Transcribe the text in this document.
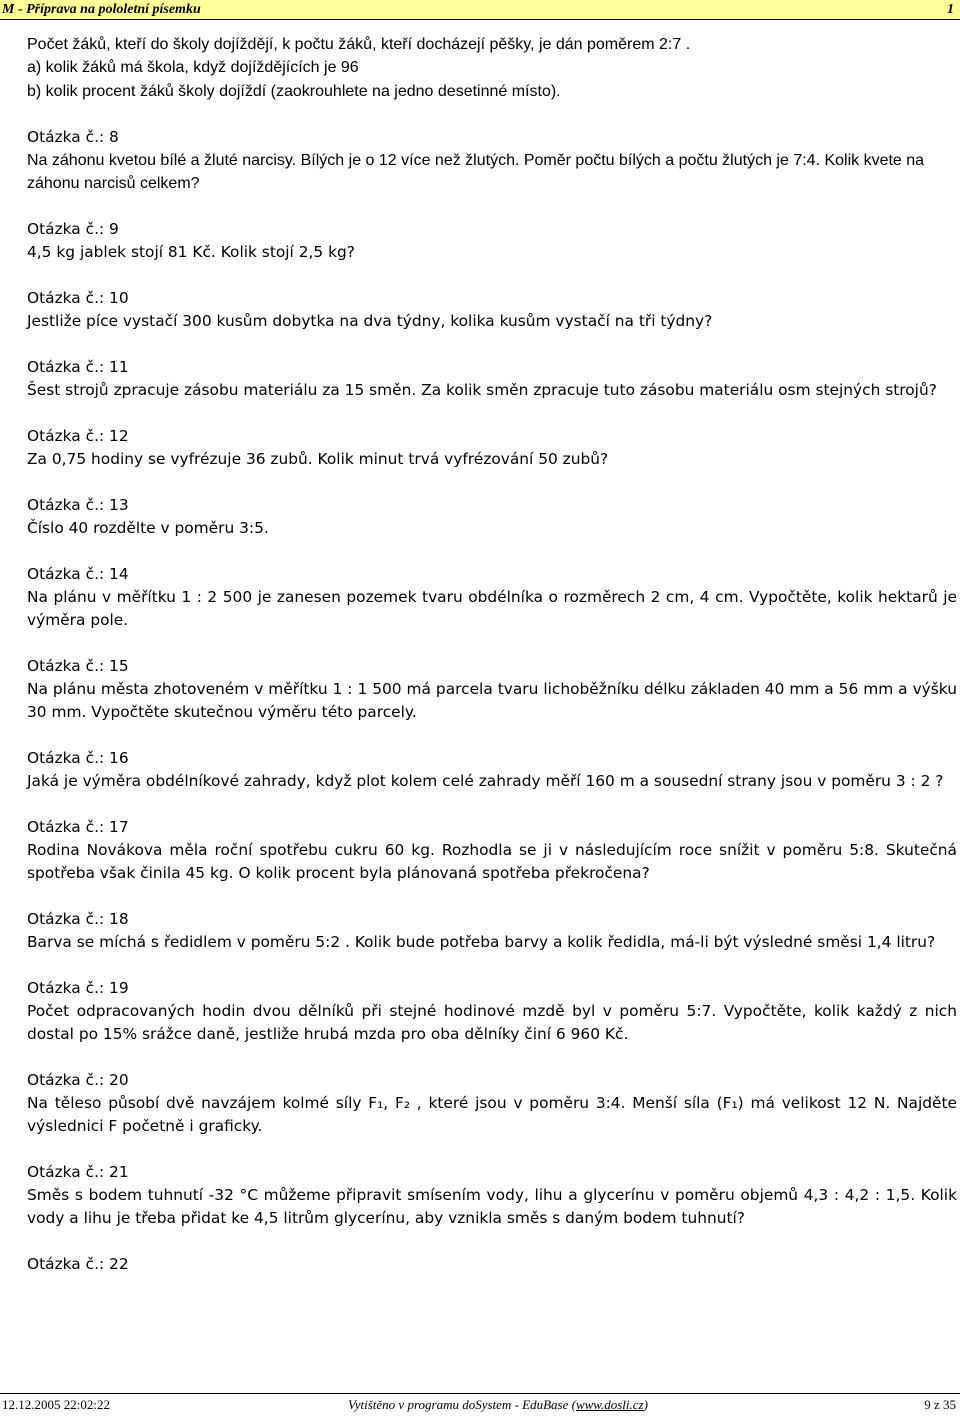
M - Příprava na pololetní písemku	1
Počet žáků, kteří do školy dojíždějí, k počtu žáků, kteří docházejí pěšky, je dán poměrem 2:7 .
a) kolik žáků má škola, když dojíždějících je 96
b) kolik procent žáků školy dojíždí (zaokrouhlete na jedno desetinné místo).
Otázka č.: 8
Na záhonu kvetou bílé a žluté narcisy. Bílých je o 12 více než žlutých. Poměr počtu bílých a počtu žlutých je 7:4. Kolik kvete na záhonu narcisů celkem?
Otázka č.: 9
4,5 kg jablek stojí 81 Kč. Kolik stojí 2,5 kg?
Otázka č.: 10
Jestliže píce vystačí 300 kusům dobytka na dva týdny, kolika kusům vystačí na tři týdny?
Otázka č.: 11
Šest strojů zpracuje zásobu materiálu za 15 směn. Za kolik směn zpracuje tuto zásobu materiálu osm stejných strojů?
Otázka č.: 12
Za 0,75 hodiny se vyfrézuje 36 zubů. Kolik minut trvá vyfrézování 50 zubů?
Otázka č.: 13
Číslo 40 rozdělte v poměru 3:5.
Otázka č.: 14
Na plánu v měřítku 1 : 2 500 je zanesen pozemek tvaru obdélníka o rozměrech 2 cm, 4 cm. Vypočtěte, kolik hektarů je výměra pole.
Otázka č.: 15
Na plánu města zhotoveném v měřítku 1 : 1 500 má parcela tvaru lichoběžníku délku základen 40 mm a 56 mm a výšku 30 mm. Vypočtěte skutečnou výměru této parcely.
Otázka č.: 16
Jaká je výměra obdélníkové zahrady, když plot kolem celé zahrady měří 160 m a sousední strany jsou v poměru 3 : 2 ?
Otázka č.: 17
Rodina Novákova měla roční spotřebu cukru 60 kg. Rozhodla se ji v následujícím roce snížit v poměru 5:8. Skutečná spotřeba však činila 45 kg. O kolik procent byla plánovaná spotřeba překročena?
Otázka č.: 18
Barva se míchá s ředidlem v poměru 5:2 . Kolik bude potřeba barvy a kolik ředidla, má-li být výsledné směsi 1,4 litru?
Otázka č.: 19
Počet odpracovaných hodin dvou dělníků při stejné hodinové mzdě byl v poměru 5:7. Vypočtěte, kolik každý z nich dostal po 15% srážce daně, jestliže hrubá mzda pro oba dělníky činí 6 960 Kč.
Otázka č.: 20
Na těleso působí dvě navzájem kolmé síly F₁, F₂ , které jsou v poměru 3:4. Menší síla (F₁) má velikost 12 N. Najděte výslednici F početně i graficky.
Otázka č.: 21
Směs s bodem tuhnutí -32 °C můžeme připravit smísením vody, lihu a glycerínu v poměru objemů 4,3 : 4,2 : 1,5. Kolik vody a lihu je třeba přidat ke 4,5 litrům glycerínu, aby vznikla směs s daným bodem tuhnutí?
Otázka č.: 22
12.12.2005 22:02:22	Vytištěno v programu doSystem - EduBase (www.dosli.cz)	9 z 35
